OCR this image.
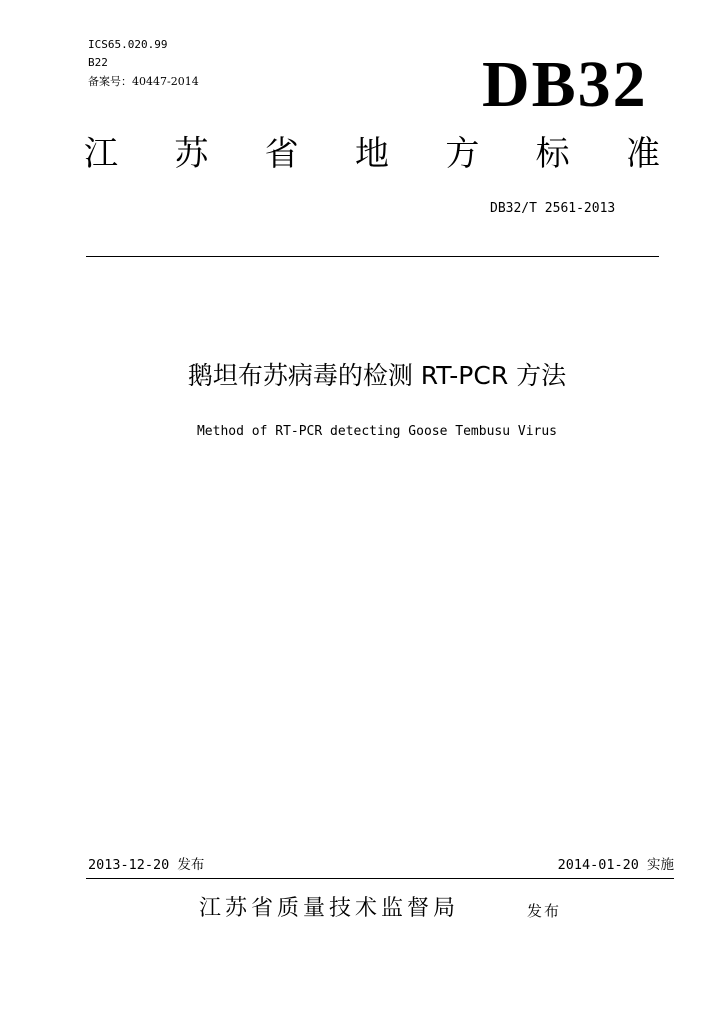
ICS65.020.99
B22
备案号：40447-2014	DB32
江 苏 省 地 方 标 准
DB32/T 2561-2013
鹅坦布苏病毒的检测 RT-PCR 方法
Method of RT-PCR detecting Goose Tembusu Virus
2013-12-20 发布	2014-01-20 实施
江苏省质量技术监督局	发布
